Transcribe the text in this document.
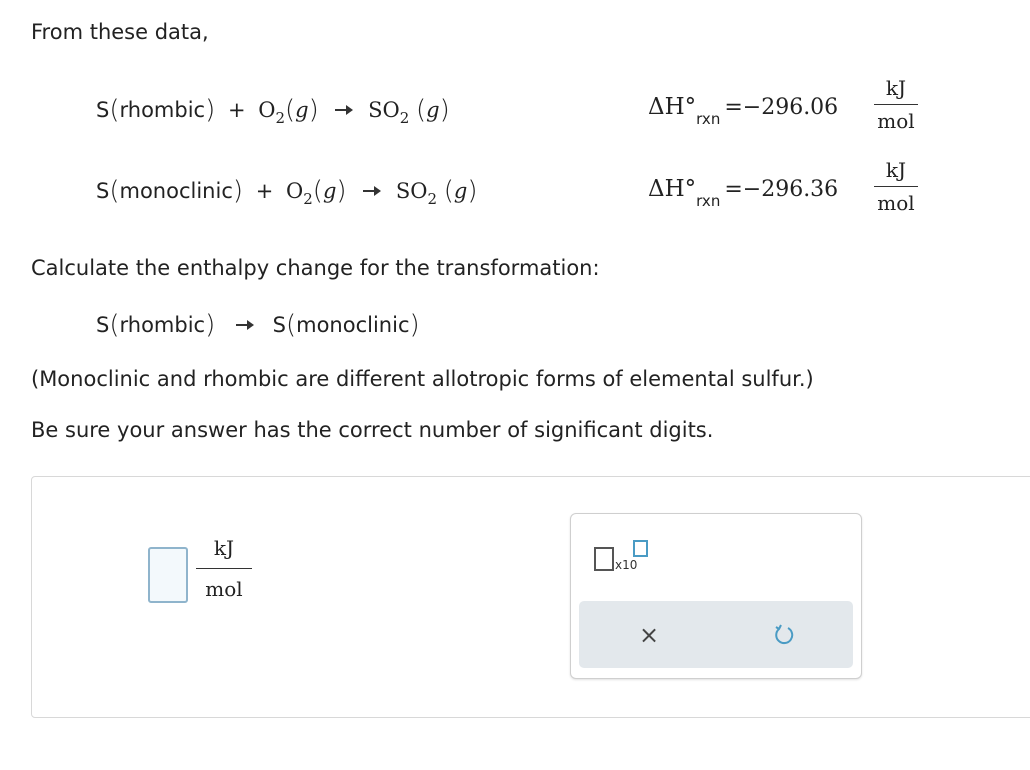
From these data,
S(rhombic) + $O_2(g)$ $SO_2$ (g)	ΔH°rxn =−296.06
kJ
mol
S(monoclinic) + $O_2(g)$ $SO_2$ (g)	ΔH°rxn =−296.36
kJ
mol
Calculate the enthalpy change for the transformation:
S(rhombic)	S(monoclinic)
(Monoclinic and rhombic are different allotropic forms of elemental sulfur.)
Be sure your answer has the correct number of significant digits.
kJ
mol
x10
×
